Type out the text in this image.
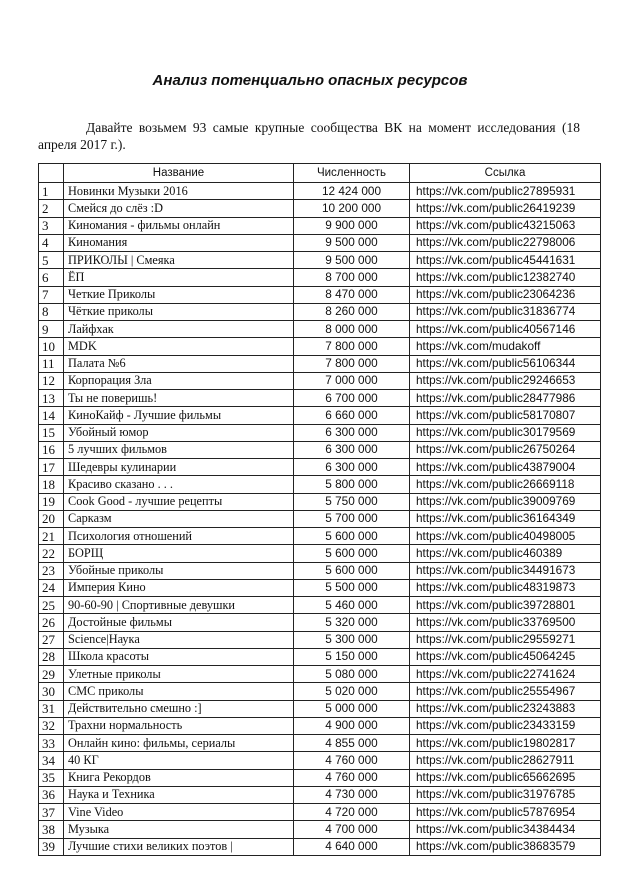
Анализ потенциально опасных ресурсов
Давайте возьмем 93 самые крупные сообщества ВК на момент исследования (18 апреля 2017 г.).
	Название	Численность	Ссылка
1	Новинки Музыки 2016	12 424 000	https://vk.com/public27895931
2	Смейся до слёз :D	10 200 000	https://vk.com/public26419239
3	Киномания - фильмы онлайн	9 900 000	https://vk.com/public43215063
4	Киномания	9 500 000	https://vk.com/public22798006
5	ПРИКОЛЫ | Смеяка	9 500 000	https://vk.com/public45441631
6	ЁП	8 700 000	https://vk.com/public12382740
7	Четкие Приколы	8 470 000	https://vk.com/public23064236
8	Чёткие приколы	8 260 000	https://vk.com/public31836774
9	Лайфхак	8 000 000	https://vk.com/public40567146
10	MDK	7 800 000	https://vk.com/mudakoff
11	Палата №6	7 800 000	https://vk.com/public56106344
12	Корпорация Зла	7 000 000	https://vk.com/public29246653
13	Ты не поверишь!	6 700 000	https://vk.com/public28477986
14	КиноКайф - Лучшие фильмы	6 660 000	https://vk.com/public58170807
15	Убойный юмор	6 300 000	https://vk.com/public30179569
16	5 лучших фильмов	6 300 000	https://vk.com/public26750264
17	Шедевры кулинарии	6 300 000	https://vk.com/public43879004
18	Красиво сказано . . .	5 800 000	https://vk.com/public26669118
19	Cook Good - лучшие рецепты	5 750 000	https://vk.com/public39009769
20	Сарказм	5 700 000	https://vk.com/public36164349
21	Психология отношений	5 600 000	https://vk.com/public40498005
22	БОРЩ	5 600 000	https://vk.com/public460389
23	Убойные приколы	5 600 000	https://vk.com/public34491673
24	Империя Кино	5 500 000	https://vk.com/public48319873
25	90-60-90 | Спортивные девушки	5 460 000	https://vk.com/public39728801
26	Достойные фильмы	5 320 000	https://vk.com/public33769500
27	Science|Наука	5 300 000	https://vk.com/public29559271
28	Школа красоты	5 150 000	https://vk.com/public45064245
29	Улетные приколы	5 080 000	https://vk.com/public22741624
30	СМС приколы	5 020 000	https://vk.com/public25554967
31	Действительно смешно :]	5 000 000	https://vk.com/public23243883
32	Трахни нормальность	4 900 000	https://vk.com/public23433159
33	Онлайн кино: фильмы, сериалы	4 855 000	https://vk.com/public19802817
34	40 КГ	4 760 000	https://vk.com/public28627911
35	Книга Рекордов	4 760 000	https://vk.com/public65662695
36	Наука и Техника	4 730 000	https://vk.com/public31976785
37	Vine Video	4 720 000	https://vk.com/public57876954
38	Музыка	4 700 000	https://vk.com/public34384434
39	Лучшие стихи великих поэтов |	4 640 000	https://vk.com/public38683579
